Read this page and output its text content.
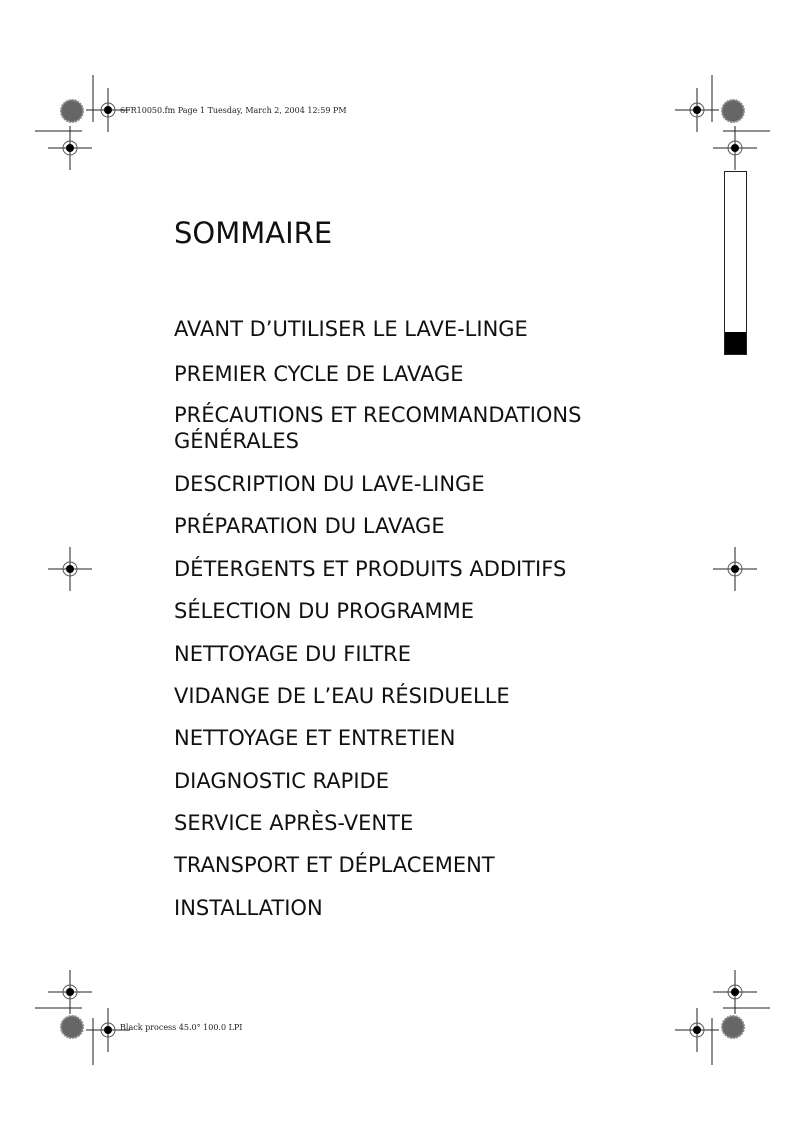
6FR10050.fm Page 1 Tuesday, March 2, 2004 12:59 PM
Black process 45.0° 100.0 LPI
SOMMAIRE
AVANT D’UTILISER LE LAVE-LINGE
PREMIER CYCLE DE LAVAGE
PRÉCAUTIONS ET RECOMMANDATIONS
GÉNÉRALES
DESCRIPTION DU LAVE-LINGE
PRÉPARATION DU LAVAGE
DÉTERGENTS ET PRODUITS ADDITIFS
SÉLECTION DU PROGRAMME
NETTOYAGE DU FILTRE
VIDANGE DE L’EAU RÉSIDUELLE
NETTOYAGE ET ENTRETIEN
DIAGNOSTIC RAPIDE
SERVICE APRÈS-VENTE
TRANSPORT ET DÉPLACEMENT
INSTALLATION
